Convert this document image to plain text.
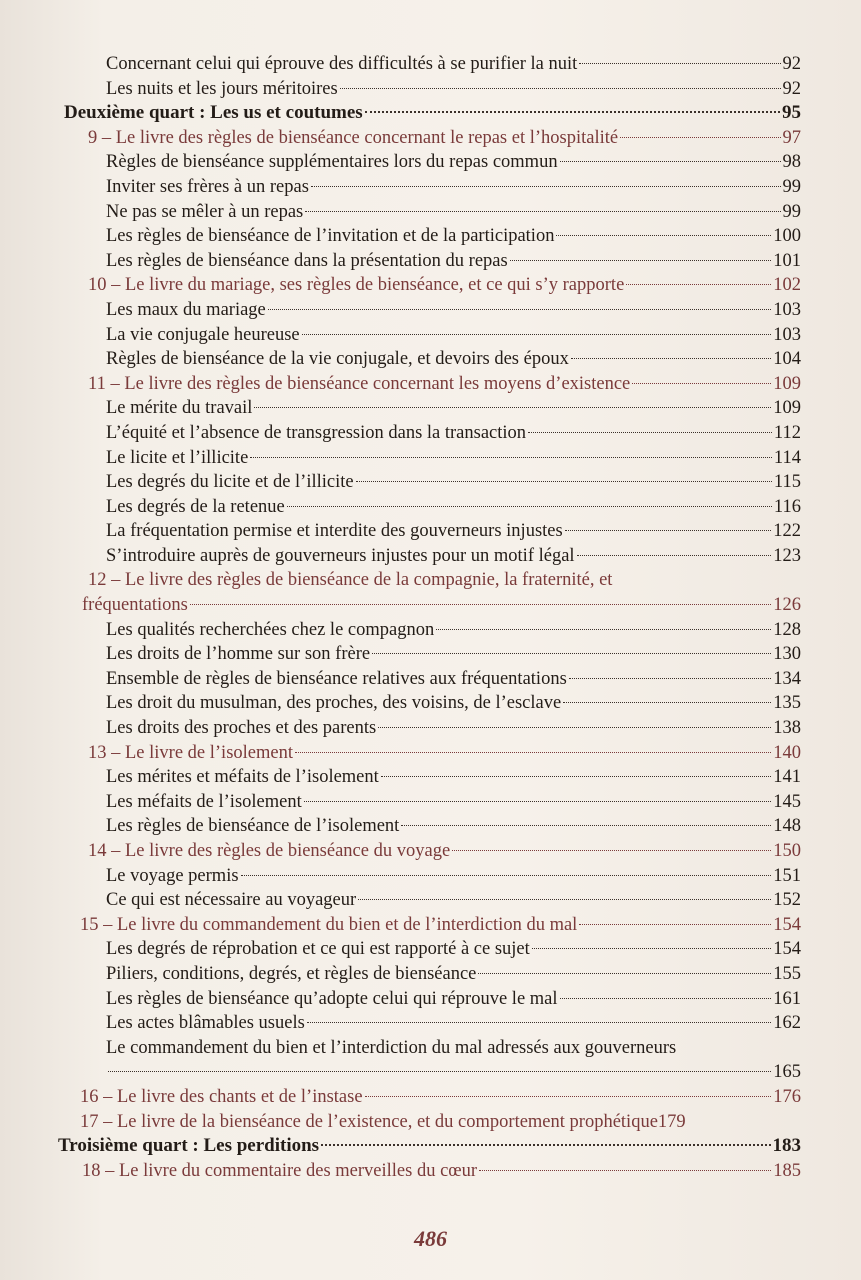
Concernant celui qui éprouve des difficultés à se purifier la nuit	92
Les nuits et les jours méritoires	92
Deuxième quart : Les us et coutumes	95
9 – Le livre des règles de bienséance concernant le repas et l’hospitalité	97
Règles de bienséance supplémentaires lors du repas commun	98
Inviter ses frères à un repas	99
Ne pas se mêler à un repas	99
Les règles de bienséance de l’invitation et de la participation	100
Les règles de bienséance dans la présentation du repas	101
10 – Le livre du mariage, ses règles de bienséance, et ce qui s’y rapporte	102
Les maux du mariage	103
La vie conjugale heureuse	103
Règles de bienséance de la vie conjugale, et devoirs des époux	104
11 – Le livre des règles de bienséance concernant les moyens d’existence	109
Le mérite du travail	109
L’équité et l’absence de transgression dans la transaction	112
Le licite et l’illicite	114
Les degrés du licite et de l’illicite	115
Les degrés de la retenue	116
La fréquentation permise et interdite des gouverneurs injustes	122
S’introduire auprès de gouverneurs injustes pour un motif légal	123
12 – Le livre des règles de bienséance de la compagnie, la fraternité, et
fréquentations	126
Les qualités recherchées chez le compagnon	128
Les droits de l’homme sur son frère	130
Ensemble de règles de bienséance relatives aux fréquentations	134
Les droit du musulman, des proches, des voisins, de l’esclave	135
Les droits des proches et des parents	138
13 – Le livre de l’isolement	140
Les mérites et méfaits de l’isolement	141
Les méfaits de l’isolement	145
Les règles de bienséance de l’isolement	148
14 – Le livre des règles de bienséance du voyage	150
Le voyage permis	151
Ce qui est nécessaire au voyageur	152
15 – Le livre du commandement du bien et de l’interdiction du mal	154
Les degrés de réprobation et ce qui est rapporté à ce sujet	154
Piliers, conditions, degrés, et règles de bienséance	155
Les règles de bienséance qu’adopte celui qui réprouve le mal	161
Les actes blâmables usuels	162
Le commandement du bien et l’interdiction du mal adressés aux gouverneurs
165
16 – Le livre des chants et de l’instase	176
17 – Le livre de la bienséance de l’existence, et du comportement prophétique 179
Troisième quart : Les perditions	183
18 – Le livre du commentaire des merveilles du cœur	185
486
